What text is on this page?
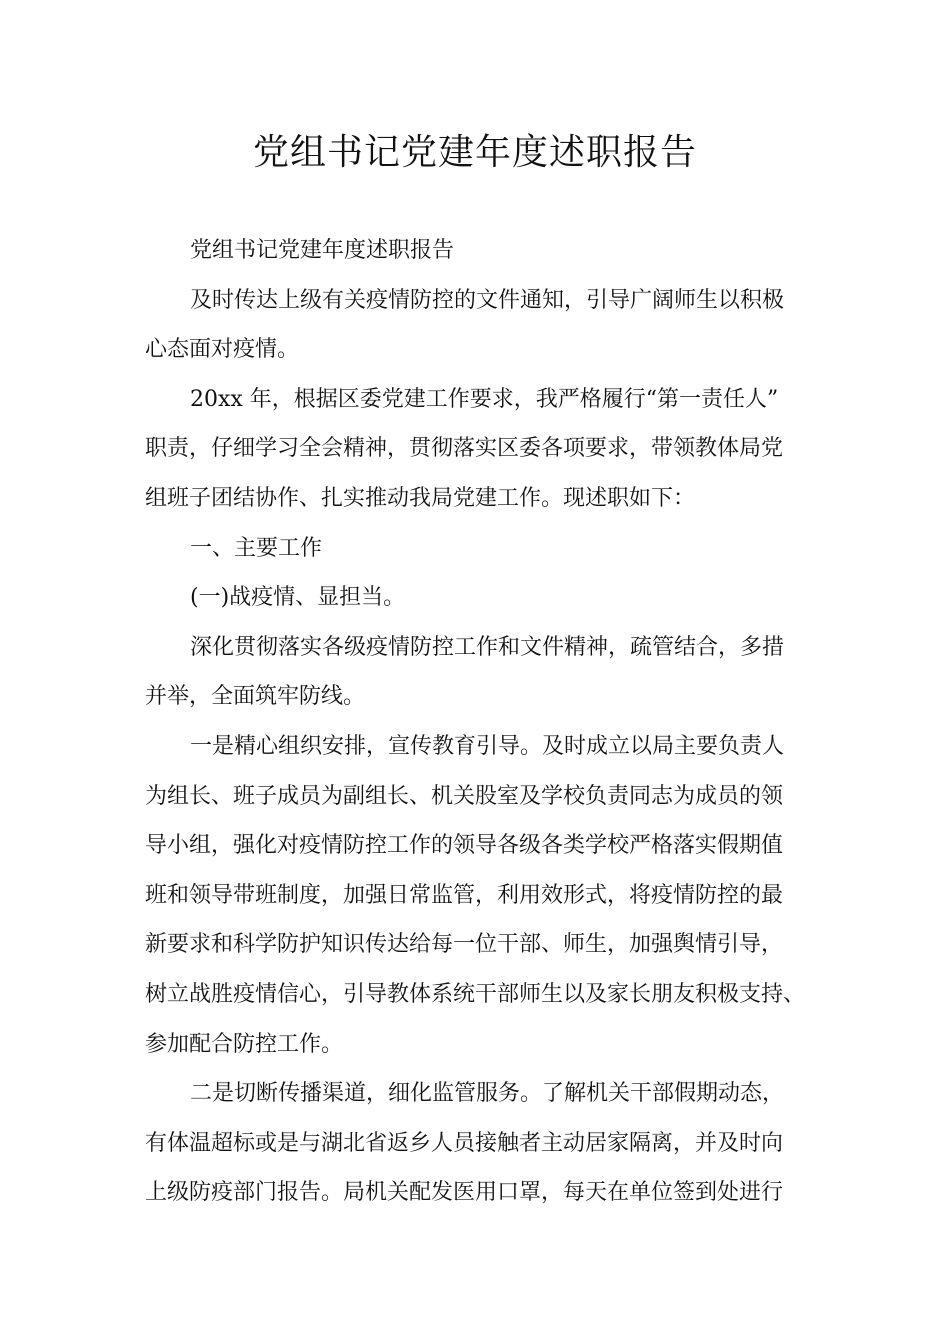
党组书记党建年度述职报告

党组书记党建年度述职报告

及时传达上级有关疫情防控的文件通知，引导广阔师生以积极
心态面对疫情。

20xx 年，根据区委党建工作要求，我严格履行“第一责任人”
职责，仔细学习全会精神，贯彻落实区委各项要求，带领教体局党
组班子团结协作、扎实推动我局党建工作。现述职如下：

一、主要工作

(一)战疫情、显担当。

深化贯彻落实各级疫情防控工作和文件精神，疏管结合，多措
并举，全面筑牢防线。

一是精心组织安排，宣传教育引导。及时成立以局主要负责人
为组长、班子成员为副组长、机关股室及学校负责同志为成员的领
导小组，强化对疫情防控工作的领导各级各类学校严格落实假期值
班和领导带班制度，加强日常监管，利用效形式，将疫情防控的最
新要求和科学防护知识传达给每一位干部、师生，加强舆情引导，
树立战胜疫情信心，引导教体系统干部师生以及家长朋友积极支持、
参加配合防控工作。

二是切断传播渠道，细化监管服务。了解机关干部假期动态，
有体温超标或是与湖北省返乡人员接触者主动居家隔离，并及时向
上级防疫部门报告。局机关配发医用口罩，每天在单位签到处进行
